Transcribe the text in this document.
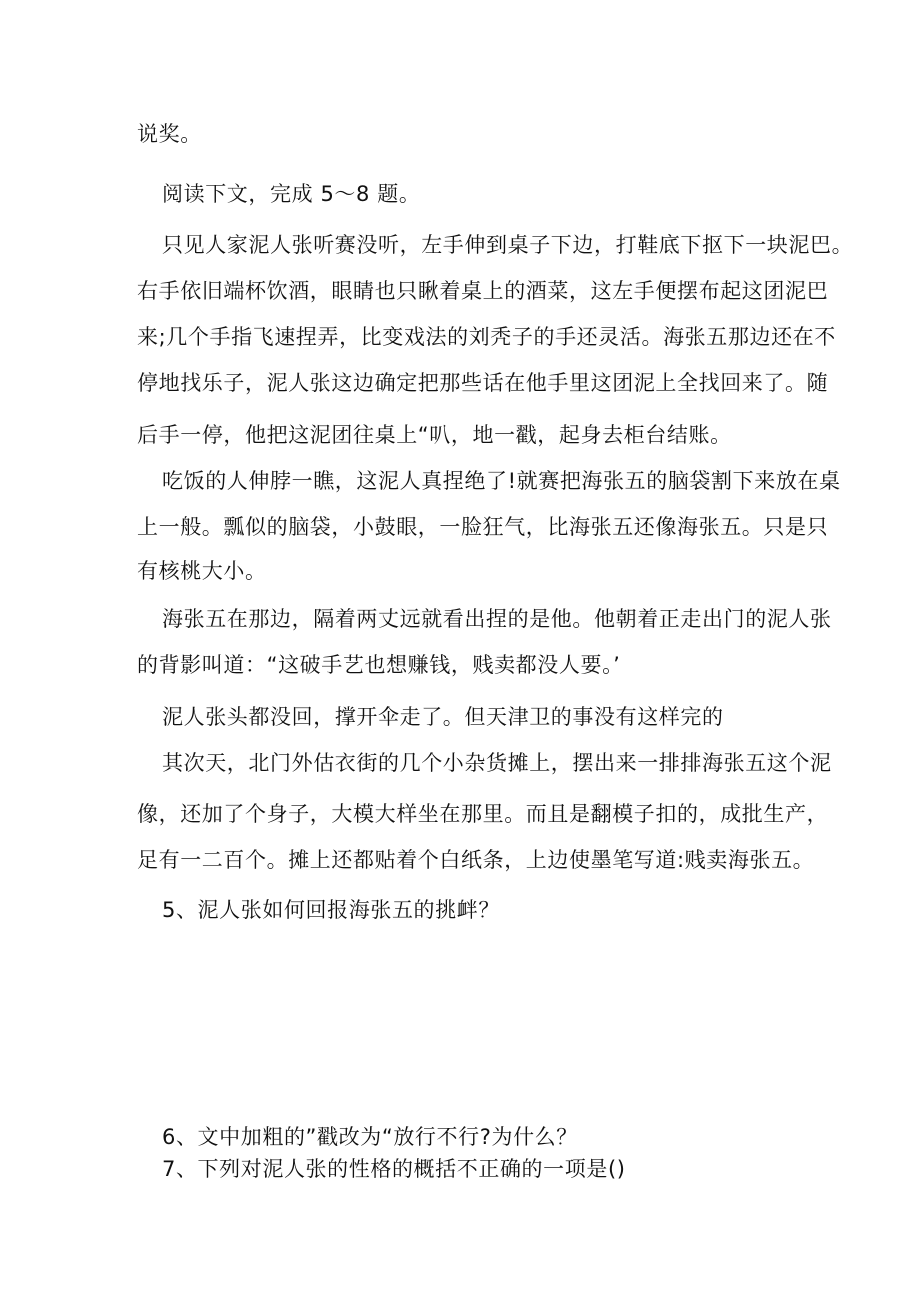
说奖。

阅读下文，完成 5～8 题。

只见人家泥人张听赛没听，左手伸到桌子下边，打鞋底下抠下一块泥巴。

右手依旧端杯饮酒，眼睛也只瞅着桌上的酒菜，这左手便摆布起这团泥巴

来;几个手指飞速捏弄，比变戏法的刘秃子的手还灵活。海张五那边还在不

停地找乐子，泥人张这边确定把那些话在他手里这团泥上全找回来了。随

后手一停，他把这泥团往桌上“叭，地一戳，起身去柜台结账。

吃饭的人伸脖一瞧，这泥人真捏绝了!就赛把海张五的脑袋割下来放在桌

上一般。瓢似的脑袋，小鼓眼，一脸狂气，比海张五还像海张五。只是只

有核桃大小。

海张五在那边，隔着两丈远就看出捏的是他。他朝着正走出门的泥人张

的背影叫道：“这破手艺也想赚钱，贱卖都没人要。’

泥人张头都没回，撑开伞走了。但天津卫的事没有这样完的

其次天，北门外估衣街的几个小杂货摊上，摆出来一排排海张五这个泥

像，还加了个身子，大模大样坐在那里。而且是翻模子扣的，成批生产，

足有一二百个。摊上还都贴着个白纸条，上边使墨笔写道:贱卖海张五。

5、泥人张如何回报海张五的挑衅？

6、文中加粗的”戳改为“放行不行?为什么？

7、下列对泥人张的性格的概括不正确的一项是()
